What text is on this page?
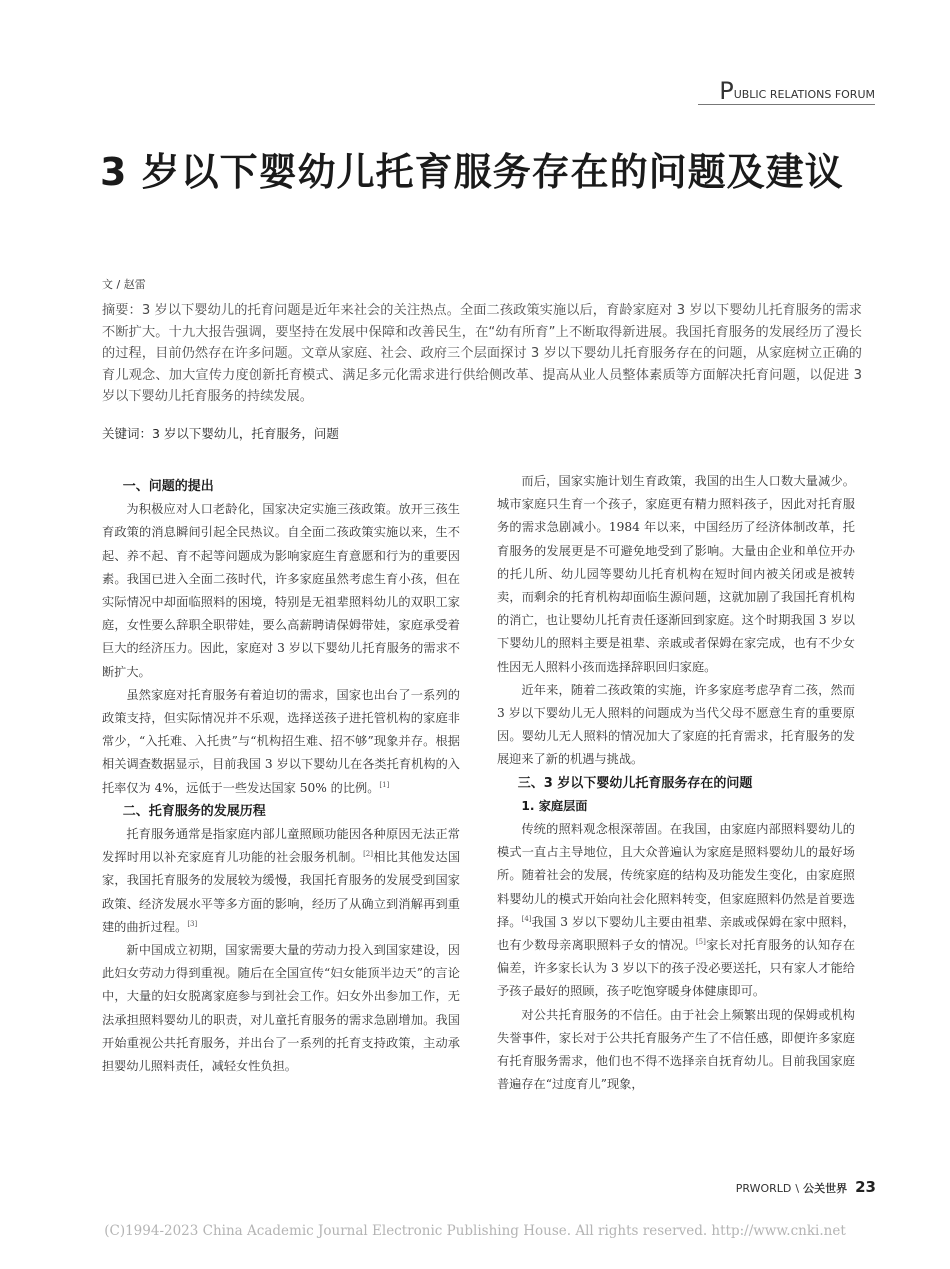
P UBLIC RELATIONS FORUM
3 岁以下婴幼儿托育服务存在的问题及建议
文 / 赵雷

摘要：3 岁以下婴幼儿的托育问题是近年来社会的关注热点。全面二孩政策实施以后，育龄家庭对 3 岁以下婴幼儿托育服务的需求不断扩大。十九大报告强调，要坚持在发展中保障和改善民生，在“幼有所育”上不断取得新进展。我国托育服务的发展经历了漫长的过程，目前仍然存在许多问题。文章从家庭、社会、政府三个层面探讨 3 岁以下婴幼儿托育服务存在的问题，从家庭树立正确的育儿观念、加大宣传力度创新托育模式、满足多元化需求进行供给侧改革、提高从业人员整体素质等方面解决托育问题，以促进 3 岁以下婴幼儿托育服务的持续发展。

关键词：3 岁以下婴幼儿，托育服务，问题
一、问题的提出

为积极应对人口老龄化，国家决定实施三孩政策。放开三孩生育政策的消息瞬间引起全民热议。自全面二孩政策实施以来，生不起、养不起、育不起等问题成为影响家庭生育意愿和行为的重要因素。我国已进入全面二孩时代，许多家庭虽然考虑生育小孩，但在实际情况中却面临照料的困境，特别是无祖辈照料幼儿的双职工家庭，女性要么辞职全职带娃，要么高薪聘请保姆带娃，家庭承受着巨大的经济压力。因此，家庭对 3 岁以下婴幼儿托育服务的需求不断扩大。

虽然家庭对托育服务有着迫切的需求，国家也出台了一系列的政策支持，但实际情况并不乐观，选择送孩子进托管机构的家庭非常少，“入托难、入托贵”与“机构招生难、招不够”现象并存。根据相关调查数据显示，目前我国 3 岁以下婴幼儿在各类托育机构的入托率仅为 4%，远低于一些发达国家 50% 的比例。[1]

二、托育服务的发展历程

托育服务通常是指家庭内部儿童照顾功能因各种原因无法正常发挥时用以补充家庭育儿功能的社会服务机制。[2]相比其他发达国家，我国托育服务的发展较为缓慢，我国托育服务的发展受到国家政策、经济发展水平等多方面的影响，经历了从确立到消解再到重建的曲折过程。[3]

新中国成立初期，国家需要大量的劳动力投入到国家建设，因此妇女劳动力得到重视。随后在全国宣传“妇女能顶半边天”的言论中，大量的妇女脱离家庭参与到社会工作。妇女外出参加工作，无法承担照料婴幼儿的职责，对儿童托育服务的需求急剧增加。我国开始重视公共托育服务，并出台了一系列的托育支持政策，主动承担婴幼儿照料责任，减轻女性负担。

而后，国家实施计划生育政策，我国的出生人口数大量减少。城市家庭只生育一个孩子，家庭更有精力照料孩子，因此对托育服务的需求急剧减小。1984 年以来，中国经历了经济体制改革，托育服务的发展更是不可避免地受到了影响。大量由企业和单位开办的托儿所、幼儿园等婴幼儿托育机构在短时间内被关闭或是被转卖，而剩余的托育机构却面临生源问题，这就加剧了我国托育机构的消亡，也让婴幼儿托育责任逐渐回到家庭。这个时期我国 3 岁以下婴幼儿的照料主要是祖辈、亲戚或者保姆在家完成，也有不少女性因无人照料小孩而选择辞职回归家庭。

近年来，随着二孩政策的实施，许多家庭考虑孕育二孩，然而 3 岁以下婴幼儿无人照料的问题成为当代父母不愿意生育的重要原因。婴幼儿无人照料的情况加大了家庭的托育需求，托育服务的发展迎来了新的机遇与挑战。

三、3 岁以下婴幼儿托育服务存在的问题
1. 家庭层面

传统的照料观念根深蒂固。在我国，由家庭内部照料婴幼儿的模式一直占主导地位，且大众普遍认为家庭是照料婴幼儿的最好场所。随着社会的发展，传统家庭的结构及功能发生变化，由家庭照料婴幼儿的模式开始向社会化照料转变，但家庭照料仍然是首要选择。[4]我国 3 岁以下婴幼儿主要由祖辈、亲戚或保姆在家中照料，也有少数母亲离职照料子女的情况。[5]家长对托育服务的认知存在偏差，许多家长认为 3 岁以下的孩子没必要送托，只有家人才能给予孩子最好的照顾，孩子吃饱穿暖身体健康即可。

对公共托育服务的不信任。由于社会上频繁出现的保姆或机构失誉事件，家长对于公共托育服务产生了不信任感，即便许多家庭有托育服务需求，他们也不得不选择亲自抚育幼儿。目前我国家庭普遍存在“过度育儿”现象，

PRWORLD \ 公关世界 23
(C)1994-2023 China Academic Journal Electronic Publishing House. All rights reserved. http://www.cnki.net
